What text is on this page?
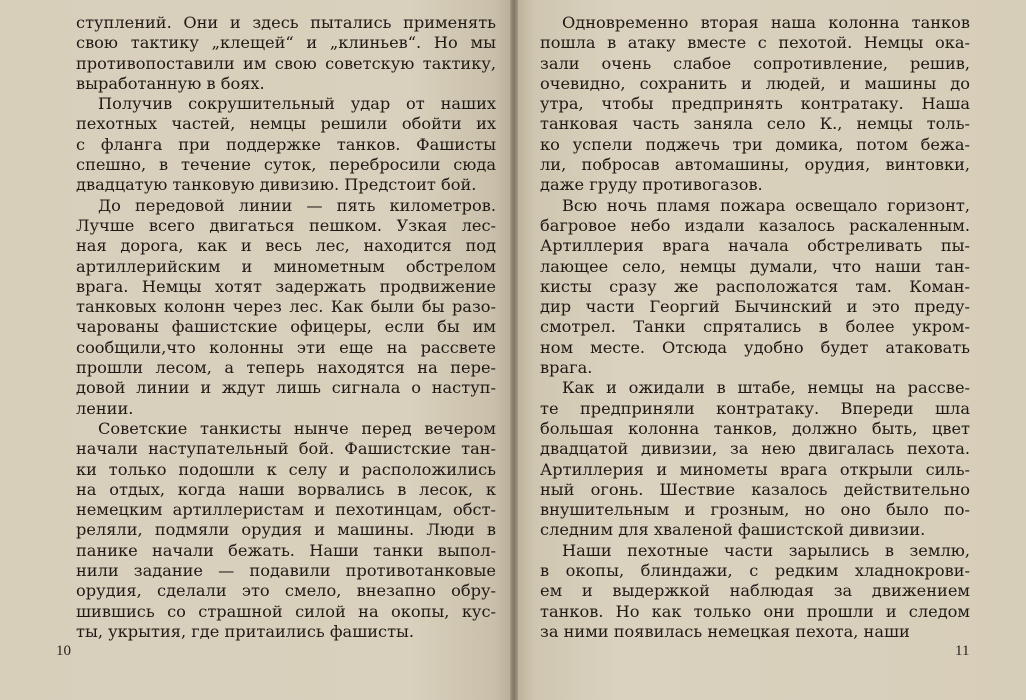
ступлений. Они и здесь пытались применять
свою тактику „клещей“ и „клиньев“. Но мы
противопоставили им свою советскую тактику,
выработанную в боях.
Получив сокрушительный удар от наших
пехотных частей, немцы решили обойти их
с фланга при поддержке танков. Фашисты
спешно, в течение суток, перебросили сюда
двадцатую танковую дивизию. Предстоит бой.
До передовой линии — пять километров.
Лучше всего двигаться пешком. Узкая лес-
ная дорога, как и весь лес, находится под
артиллерийским и минометным обстрелом
врага. Немцы хотят задержать продвижение
танковых колонн через лес. Как были бы разо-
чарованы фашистские офицеры, если бы им
сообщили,что колонны эти еще на рассвете
прошли лесом, а теперь находятся на пере-
довой линии и ждут лишь сигнала о наступ-
лении.
Советские танкисты нынче перед вечером
начали наступательный бой. Фашистские тан-
ки только подошли к селу и расположились
на отдых, когда наши ворвались в лесок, к
немецким артиллеристам и пехотинцам, обст-
реляли, подмяли орудия и машины. Люди в
панике начали бежать. Наши танки выпол-
нили задание — подавили противотанковые
орудия, сделали это смело, внезапно обру-
шившись со страшной силой на окопы, кус-
ты, укрытия, где притаились фашисты.
Одновременно вторая наша колонна танков
пошла в атаку вместе с пехотой. Немцы ока-
зали очень слабое сопротивление, решив,
очевидно, сохранить и людей, и машины до
утра, чтобы предпринять контратаку. Наша
танковая часть заняла село К., немцы толь-
ко успели поджечь три домика, потом бежа-
ли, побросав автомашины, орудия, винтовки,
даже груду противогазов.
Всю ночь пламя пожара освещало горизонт,
багровое небо издали казалось раскаленным.
Артиллерия врага начала обстреливать пы-
лающее село, немцы думали, что наши тан-
кисты сразу же расположатся там. Коман-
дир части Георгий Бычинский и это преду-
смотрел. Танки спрятались в более укром-
ном месте. Отсюда удобно будет атаковать
врага.
Как и ожидали в штабе, немцы на рассве-
те предприняли контратаку. Впереди шла
большая колонна танков, должно быть, цвет
двадцатой дивизии, за нею двигалась пехота.
Артиллерия и минометы врага открыли силь-
ный огонь. Шествие казалось действительно
внушительным и грозным, но оно было по-
следним для хваленой фашистской дивизии.
Наши пехотные части зарылись в землю,
в окопы, блиндажи, с редким хладнокрови-
ем и выдержкой наблюдая за движением
танков. Но как только они прошли и следом
за ними появилась немецкая пехота, наши
10	11
